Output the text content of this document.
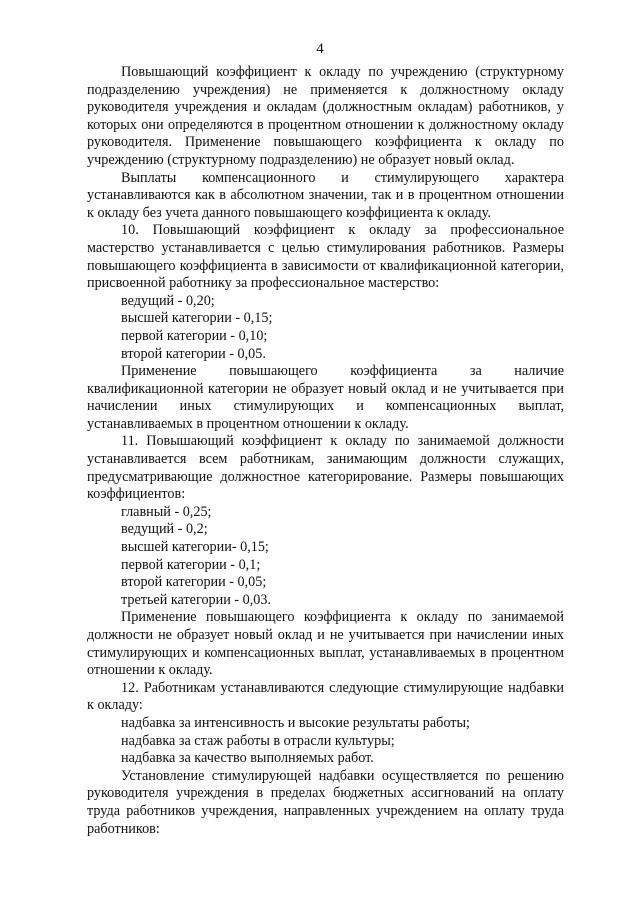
4

Повышающий коэффициент к окладу по учреждению (структурному подразделению учреждения) не применяется к должностному окладу руководителя учреждения и окладам (должностным окладам) работников, у которых они определяются в процентном отношении к должностному окладу руководителя. Применение повышающего коэффициента к окладу по учреждению (структурному подразделению) не образует новый оклад.

Выплаты компенсационного и стимулирующего характера устанавливаются как в абсолютном значении, так и в процентном отношении к окладу без учета данного повышающего коэффициента к окладу.

10. Повышающий коэффициент к окладу за профессиональное мастерство устанавливается с целью стимулирования работников. Размеры повышающего коэффициента в зависимости от квалификационной категории, присвоенной работнику за профессиональное мастерство:

ведущий - 0,20;

высшей категории - 0,15;

первой категории - 0,10;

второй категории - 0,05.

Применение повышающего коэффициента за наличие квалификационной категории не образует новый оклад и не учитывается при начислении иных стимулирующих и компенсационных выплат, устанавливаемых в процентном отношении к окладу.

11. Повышающий коэффициент к окладу по занимаемой должности устанавливается всем работникам, занимающим должности служащих, предусматривающие должностное категорирование. Размеры повышающих коэффициентов:

главный - 0,25;

ведущий - 0,2;

высшей категории- 0,15;

первой категории - 0,1;

второй категории - 0,05;

третьей категории - 0,03.

Применение повышающего коэффициента к окладу по занимаемой должности не образует новый оклад и не учитывается при начислении иных стимулирующих и компенсационных выплат, устанавливаемых в процентном отношении к окладу.

12. Работникам устанавливаются следующие стимулирующие надбавки к окладу:

надбавка за интенсивность и высокие результаты работы;

надбавка за стаж работы в отрасли культуры;

надбавка за качество выполняемых работ.

Установление стимулирующей надбавки осуществляется по решению руководителя учреждения в пределах бюджетных ассигнований на оплату труда работников учреждения, направленных учреждением на оплату труда работников:
